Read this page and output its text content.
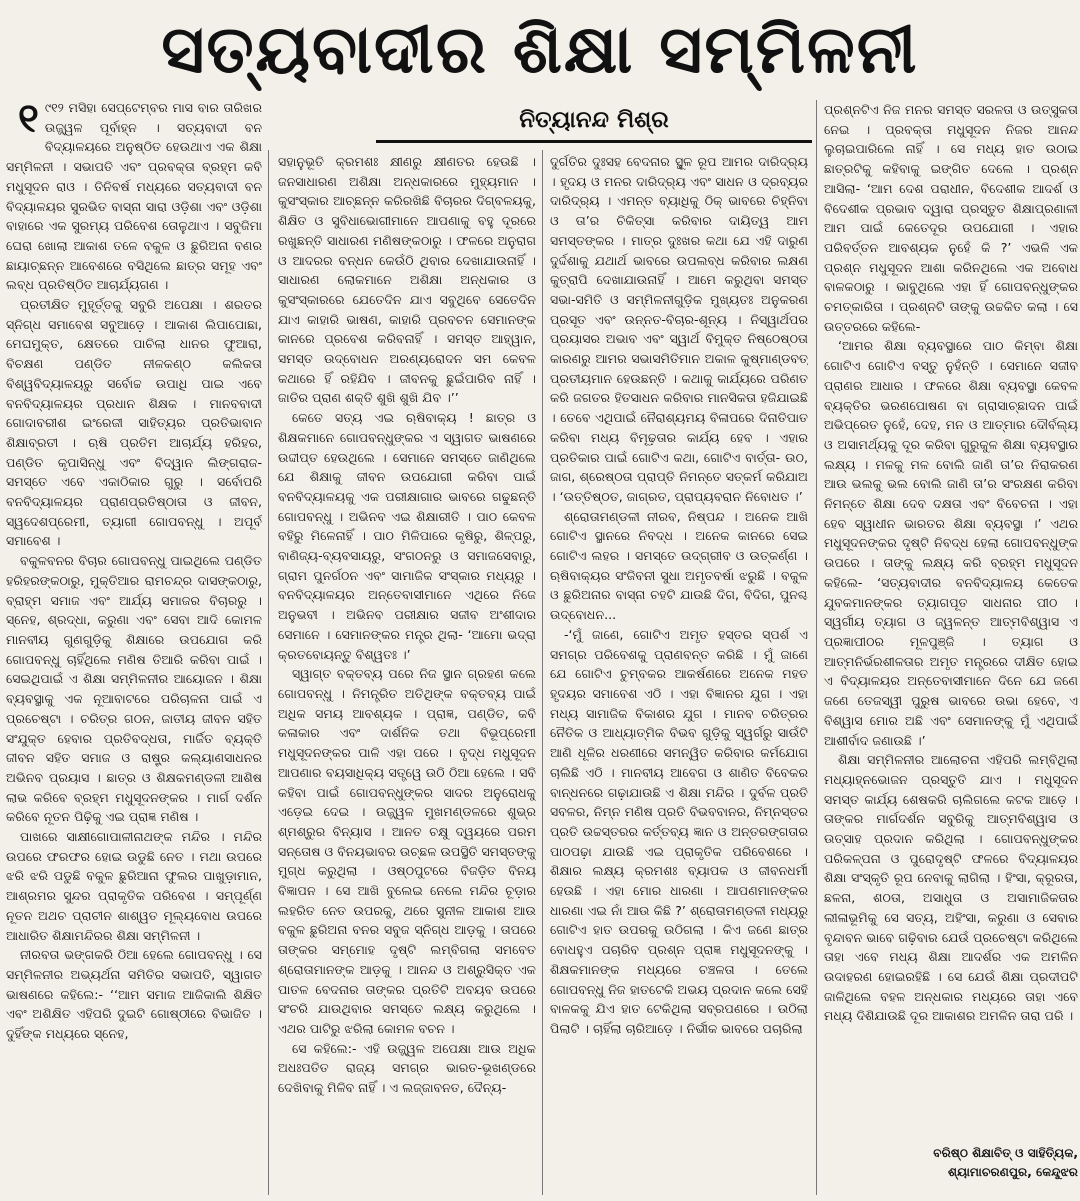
ସତ୍ୟବାଦୀର ଶିକ୍ଷା ସମ୍ମିଳନୀ
ନିତ୍ୟାନନ୍ଦ ମିଶ୍ର

୧ ୯୧୨ ମସିହା ସେପ୍ଟେମ୍ବର ମାସ ବାର ତାରିଖର ଉଜ୍ଜ୍ୱଳ ପୂର୍ବାହ୍ନ । ସତ୍ୟବାଦୀ ବନ ବିଦ୍ୟାଳୟରେ ଅନୁଷ୍ଠିତ ହେଉଥାଏ ଏକ ଶିକ୍ଷା ସମ୍ମିଳନୀ । ସଭାପତି ଏବଂ ପ୍ରବକ୍ତା ବ୍ରହ୍ମ କବି ମଧୁସୂଦନ ରାଓ । ତିନିବର୍ଷ ମଧ୍ୟରେ ସତ୍ୟବାଦୀ ବନ ବିଦ୍ୟାଳୟର ସୁରଭିତ ବାସ୍ନା ସାରା ଓଡ଼ିଶା ଏବଂ ଓଡ଼ିଶା ବାହାରେ ଏକ ସୁରମ୍ୟ ପରିବେଶ ତୋଳୁଥାଏ । ସବୁଜିମା ଘେରା ଖୋଲା ଆକାଶ ତଳେ ବକୁଳ ଓ ଛୁରିଅନା ବଣର ଛାୟାଚ୍ଛନ୍ନ ଆବେଶରେ ବସିଥିଲେ ଛାତ୍ର ସମୂହ ଏବଂ ଲବ୍ଧ ପ୍ରତିଷ୍ଠିତ ଆଚାର୍ଯ୍ୟଗଣ ।

ପ୍ରତୀକ୍ଷିତ ମୁହୂର୍ତ୍ତକୁ ସବୁରି ଅପେକ୍ଷା । ଶରତର ସ୍ନିଗ୍ଧ ସମାବେଶ ସବୁଆଡ଼େ । ଆକାଶ ଲିପାପୋଛା, ମେଘମୁକ୍ତ, କ୍ଷେତରେ ପାଚିଲା ଧାନର ଫୁଆରା, ବିଚକ୍ଷଣ ପଣ୍ଡିତ ନୀଳକଣ୍ଠ କଲିକତା ବିଶ୍ୱବିଦ୍ୟାଳୟରୁ ସର୍ବୋଚ୍ଚ ଉପାଧି ପାଇ ଏବେ ବନବିଦ୍ୟାଳୟର ପ୍ରଧାନ ଶିକ୍ଷକ । ମାନବବାଦୀ ଗୋଦାବରୀଶ ଇଂରେଜୀ ସାହିତ୍ୟର ପ୍ରତିଭାବାନ ଶିକ୍ଷାବ୍ରତୀ । ଋଷି ପ୍ରତିମ ଆଚାର୍ଯ୍ୟ ହରିହର, ପଣ୍ଡିତ କୃପାସିନ୍ଧୁ ଏବଂ ବିଦ୍ୱାନ ଲିଙ୍ଗରାଜ- ସମସ୍ତେ ଏବେ ଏକାଠିକାର ଗୁରୁ । ସର୍ବୋପରି ବନବିଦ୍ୟାଳୟର ପ୍ରାଣପ୍ରତିଷ୍ଠାତା ଓ ଜୀବନ, ସ୍ୱଦେଶପ୍ରେମୀ, ତ୍ୟାଗୀ ଗୋପବନ୍ଧୁ । ଅପୂର୍ବ ସମାବେଶ ।

ବକୁଳବନର ବିଚାର ଗୋପବନ୍ଧୁ ପାଇଥିଲେ ପଣ୍ଡିତ ହରିହରଙ୍କଠାରୁ, ମୁକ୍ତିଆର ରାମଚନ୍ଦ୍ର ଦାସଙ୍କଠାରୁ, ବ୍ରାହ୍ମ ସମାଜ ଏବଂ ଆର୍ଯ୍ୟ ସମାଜର ବିଚାରରୁ । ସ୍ନେହ, ଶ୍ରଦ୍ଧା, କରୁଣା ଏବଂ ସେବା ଆଦି କୋମଳ ମାନବୀୟ ଗୁଣଗୁଡ଼ିକୁ ଶିକ୍ଷାରେ ଉପଯୋଗ କରି ଗୋପବନ୍ଧୁ ଚାହିଁଥିଲେ ମଣିଷ ତିଆରି କରିବା ପାଇଁ । ସେଇଥିପାଇଁ ଏ ଶିକ୍ଷା ସମ୍ମିଳନୀର ଆୟୋଜନ । ଶିକ୍ଷା ବ୍ୟବସ୍ଥାକୁ ଏକ ନୂଆବାଟରେ ପରିଚାଳନା ପାଇଁ ଏ ପ୍ରଚେଷ୍ଟା । ଚରିତ୍ର ଗଠନ, ଜାତୀୟ ଜୀବନ ସହିତ ସଂଯୁକ୍ତ ହେବାର ପ୍ରତିବଦ୍ଧତା, ମାର୍ଜିତ ବ୍ୟକ୍ତି ଜୀବନ ସହିତ ସମାଜ ଓ ରାଷ୍ଟ୍ର କଲ୍ୟାଣସାଧନର ଅଭିନବ ପ୍ରୟାସ । ଛାତ୍ର ଓ ଶିକ୍ଷକମଣ୍ଡଳୀ ଆଶିଷ ଲାଭ କରିବେ ବ୍ରହ୍ମ ମଧୁସୂଦନଙ୍କର । ମାର୍ଗ ଦର୍ଶନ କରିବେ ନୂତନ ପିଢ଼ିକୁ ଏଇ ପ୍ରାଜ୍ଞ ମଣିଷ ।

ପାଖରେ ସାକ୍ଷୀଗୋପାଳୀନାଥଙ୍କ ମନ୍ଦିର । ମନ୍ଦିର ଉପରେ ଫରଫର ହୋଇ ଉଡୁଛି ନେତ । ମଥା ଉପରେ ଝରି ଝରି ପଡୁଛି ବକୁଳ ଛୁରିଆନା ଫୁଲର ପାଖୁଡ଼ାମାନ, ଆଶ୍ରମର ସୁନ୍ଦର ପ୍ରାକୃତିକ ପରିବେଶ । ସମ୍ପୂର୍ଣ୍ଣ ନୂତନ ଅଥଚ ପ୍ରାଚୀନ ଶାଶ୍ୱତ ମୂଲ୍ୟବୋଧ ଉପରେ ଆଧାରିତ ଶିକ୍ଷାମନ୍ଦିରର ଶିକ୍ଷା ସମ୍ମିଳନୀ ।

ନୀରବତା ଭଙ୍ଗକରି ଠିଆ ହେଲେ ଗୋପବନ୍ଧୁ । ସେ ସମ୍ମିଳନୀର ଅଭ୍ୟର୍ଥନା ସମିତିର ସଭାପତି, ସ୍ୱାଗତ ଭାଷଣରେ କହିଲେ:- ‘‘ଆମ ସମାଜ ଆଜିକାଲି ଶିକ୍ଷିତ ଏବଂ ଅଶିକ୍ଷିତ ଏହିପରି ଦୁଇଟି ଗୋଷ୍ଠୀରେ ବିଭାଜିତ । ଦୁହିଁଙ୍କ ମଧ୍ୟରେ ସ୍ନେହ,

ସହାନୁଭୂତି କ୍ରମଶଃ କ୍ଷୀଣରୁ କ୍ଷୀଣତର ହେଉଛି । ଜନସାଧାରଣ ଅଶିକ୍ଷା ଅନ୍ଧକାରରେ ମୁହ୍ୟମାନ । କୁସଂସ୍କାର ଆଚ୍ଛନ୍ନ କରିରଖିଛି ବିଚାରର ଦିଗ୍‌ବଳୟକୁ, ଶିକ୍ଷିତ ଓ ସୁବିଧାଭୋଗୀମାନେ ଆପଣାକୁ ବହୁ ଦୂରରେ ରଖୁଛନ୍ତି ସାଧାରଣ ମଣିଷଙ୍କଠାରୁ । ଫଳରେ ଅନୁରାଗ ଓ ଆଦରର ବନ୍ଧନ କେଉଁଠି ଥିବାର ଦେଖାଯାଉନାହିଁ । ସାଧାରଣ ଲୋକମାନେ ଅଶିକ୍ଷା ଅନ୍ଧକାର ଓ କୁସଂସ୍କାରରେ ଯେତେଦିନ ଯାଏ ସବୁଥିବେ ସେତେଦିନ ଯାଏ କାହାରି ଭାଷଣ, କାହାରି ପ୍ରବଚନ ସେମାନଙ୍କ କାନରେ ପ୍ରବେଶ କରିବନାହିଁ । ସମସ୍ତ ଆହ୍ୱାନ, ସମସ୍ତ ଉଦ୍‌ବୋଧନ ଅରଣ୍ୟରୋଦନ ସମ କେବଳ କଥାରେ ହିଁ ରହିଯିବ । ଜୀବନକୁ ଛୁଇଁପାରିବ ନାହିଁ । ଜାତିର ପ୍ରାଣ ଶକ୍ତି ଶୁଖି ଶୁଖି ଯିବ ।’’

କେତେ ସତ୍ୟ ଏଇ ଋଷିବାକ୍ୟ ! ଛାତ୍ର ଓ ଶିକ୍ଷକମାନେ ଗୋପବନ୍ଧୁଙ୍କର ଏ ସ୍ୱାଗତ ଭାଷଣରେ ଉଦ୍ଦୀପ୍ତ ହେଉଥିଲେ । ସେମାନେ ସମସ୍ତେ ଜାଣିଥିଲେ ଯେ ଶିକ୍ଷାକୁ ଜୀବନ ଉପଯୋଗୀ କରିବା ପାଇଁ ବନବିଦ୍ୟାଳୟକୁ ଏକ ପରୀକ୍ଷାଗାର ଭାବରେ ଗଢୁଛନ୍ତି ଗୋପବନ୍ଧୁ । ଅଭିନବ ଏଇ ଶିକ୍ଷାରୀତି । ପାଠ କେବଳ ବହିରୁ ମିଳେନାହିଁ । ପାଠ ମିଳିପାରେ କୃଷିରୁ, ଶିଳ୍ପରୁ, ବାଣିଜ୍ୟ-ବ୍ୟବସାୟରୁ, ସଂଗଠନରୁ ଓ ସମାଜସେବାରୁ, ଗ୍ରାମ ପୁନର୍ଗଠନ ଏବଂ ସାମାଜିକ ସଂସ୍କାର ମଧ୍ୟରୁ । ବନବିଦ୍ୟାଳୟର ଅନ୍ତେବାସୀମାନେ ଏଥିରେ ନିଜେ ଅନୁଭବୀ । ଅଭିନବ ପରୀକ୍ଷାର ସଜୀବ ଅଂଶୀଦାର ସେମାନେ । ସେମାନଙ୍କର ମନ୍ତ୍ର ଥିଲା- ‘ଆମୋ ଭଦ୍ରା କ୍ରତବୋୟନ୍ତୁ ବିଶ୍ୱତଃ ।’

ସ୍ୱାଗ୍ତ ବକ୍ତବ୍ୟ ପରେ ନିଜ ସ୍ଥାନ ଗ୍ରହଣ କଲେ ଗୋପବନ୍ଧୁ । ନିମନ୍ତ୍ରିତ ଅତିଥିଙ୍କ ବକ୍ତବ୍ୟ ପାଇଁ ଅଧିକ ସମୟ ଆବଶ୍ୟକ । ପ୍ରାଜ୍ଞ, ପଣ୍ଡିତ, କବି କଳାକାର ଏବଂ ଦାର୍ଶନିକ ତଥା ବିଭୂପ୍ରେମୀ ମଧୁସୂଦନଙ୍କର ପାଳି ଏହା ପରେ । ବୃଦ୍ଧ ମଧୁସୂଦନ ଆପଣାର ବୟସାଧିକ୍ୟ ସତ୍ତ୍ୱେ ଉଠି ଠିଆ ହେଲେ । ସବି କହିବା ପାଇଁ ଗୋପବନ୍ଧୁଙ୍କର ସାଦର ଅନୁରୋଧକୁ ଏଡ଼େଇ ଦେଇ । ଉଜ୍ଜ୍ୱଳ ମୁଖମଣ୍ଡଳରେ ଶୁଭ୍ର ଶ୍ମଶ୍ରୁର ବିନ୍ୟାସ । ଆନତ ଚକ୍ଷୁ ଦ୍ୱୟରେ ପରମ ସନ୍ତୋଷ ଓ ବିନୟଭାବର ଉଚ୍ଛଳ ଉପସ୍ଥିତି ସମସ୍ତଙ୍କୁ ମୁଗ୍ଧ କରୁଥିଲା । ଓଷ୍ଠପୁଟରେ ବିଜଡ଼ିତ ବିନୟ ବିଜ୍ଞାପନ । ସେ ଆଖି ବୁଲେଇ ନେଲେ ମନ୍ଦିର ଚୂଡ଼ାର ଲହରିତ ନେତ ଉପରକୁ, ଥରେ ସୁନୀଳ ଆକାଶ ଆଉ ବକୁଳ ଛୁରିଅନା ବନର ସବୁଜ ସ୍ନିଗ୍ଧ ଆଡ଼କୁ । ତାପରେ ତାଙ୍କର ସମ୍ମୋହ ଦୃଷ୍ଟି ଲମ୍ବିଗଲା ସମବେତ ଶ୍ରୋତାମାନଙ୍କ ଆଡ଼କୁ । ଆନନ୍ଦ ଓ ଅଶ୍ରୁସିକ୍ତ ଏକ ପାତଳ ବେଦନାର ତାଙ୍କର ପ୍ରତିଟି ଅବୟବ ଉପରେ ସଂଚରି ଯାଉଥିବାର ସମସ୍ତେ ଲକ୍ଷ୍ୟ କରୁଥିଲେ । ଏଥର ପାଟିରୁ ଝରିଲା କୋମଳ ବଚନ ।

ସେ କହିଲେ:- ଏହି ଉଜ୍ଜ୍ୱଳ ଅପେକ୍ଷା ଆଉ ଅଧିକ ଅଧଃପତିତ ରାଜ୍ୟ ସମଗ୍ର ଭାରତ-ଭୂଖଣ୍ଡରେ ଦେଖିବାକୁ ମିଳିବ ନାହିଁ । ଏ ଲଜ୍ଜାବନତ, ଦୈନ୍ୟ-

ଦୁର୍ଗତିର ଦୁଃସହ ବେଦନାର ସ୍ଥୂଳ ରୂପ ଆମର ଦାରିଦ୍ର୍ୟ । ହୃଦୟ ଓ ମନର ଦାରିଦ୍ର୍ୟ ଏବଂ ସାଧନ ଓ ଦ୍ରବ୍ୟର ଦାରିଦ୍ର୍ୟ । ଏମନ୍ତ ବ୍ୟାଧିକୁ ଠିକ୍ ଭାବରେ ଚିହ୍ନିବା ଓ ତା’ର ଚିକିତ୍ସା କରିବାର ଦାୟିତ୍ୱ ଆମ ସମସ୍ତଙ୍କର । ମାତ୍ର ଦୁଃଖର କଥା ଯେ ଏହି ଦାରୁଣ ଦୁର୍ଦ୍ଦଶାକୁ ଯଥାର୍ଥ ଭାବରେ ଉପଲବ୍ଧ କରିବାର ଲକ୍ଷଣ କୁତ୍ରାପି ଦେଖାଯାଉନାହିଁ । ଆମେ କରୁଥିବା ସମସ୍ତ ସଭା-ସମିତି ଓ ସମ୍ମିଳନୀଗୁଡ଼ିକ ମୁଖ୍ୟତଃ ଅନୁକରଣ ପ୍ରସୂତ ଏବଂ ଉନ୍ନତ-ବିଚାର-ଶୂନ୍ୟ । ନିସ୍ୱାର୍ଥପର ପ୍ରୟାସର ଅଭାବ ଏବଂ ସ୍ୱାର୍ଥ ବିମୁକ୍ତ ନିଷ୍ଠେଷ୍ଠତା କାରଣରୁ ଆମର ସଭାସମିତିମାନ ଅକାଳ କୁଷ୍ମାଣ୍ଡବତ୍ ପ୍ରତୀୟମାନ ହେଉଛନ୍ତି । କଥାକୁ କାର୍ଯ୍ୟରେ ପରିଣତ କରି ଜଗତର ହିତସାଧନ କରିବାର ମାନସିକତା ହଜିଯାଇଛି । ତେବେ ଏଥିପାଇଁ ନୈରାଶ୍ୟମୟ ବିଳାପରେ ଦିନାତିପାତ କରିବା ମଧ୍ୟ ବିମୂଢ଼ତାର କାର୍ଯ୍ୟ ହେବ । ଏହାର ପ୍ରତିକାର ପାଇଁ ଗୋଟିଏ କଥା, ଗୋଟିଏ ବାର୍ତ୍ତା- ଉଠ, ଜାଗ, ଶ୍ରେଷ୍ଠତା ପ୍ରାପ୍ତି ନିମନ୍ତେ ସତ୍‌କର୍ମ କରିଯାଅ । ‘ଉତ୍ତିଷ୍ଠତ, ଜାଗ୍ରତ, ପ୍ରାପ୍ୟବରାନ ନିବୋଧତ ।’

ଶ୍ରୋତାମଣ୍ଡଳୀ ନୀରବ, ନିଷ୍ପନ୍ଦ । ଅନେକ ଆଖି ଗୋଟିଏ ସ୍ଥାନରେ ନିବଦ୍ଧ । ଅନେକ କାନରେ ସେଇ ଗୋଟିଏ ଲହର । ସମସ୍ତେ ଉଦ୍‌ଗ୍ରୀବ ଓ ଉତ୍କର୍ଣ୍ଣ । ଋଷିବାକ୍ୟର ସଂଜିବନୀ ସୁଧା ଅମୃତବର୍ଷା ଝରୁଛି । ବକୁଳ ଓ ଛୁରିଅନାର ବାସ୍ନା ଚହଟି ଯାଉଛି ଦିଗ, ବିଦିଗ, ପୁନଶ୍ଚ ଉଦ୍‌ବୋଧନ...

-‘ମୁଁ ଜାଣେ, ଗୋଟିଏ ଅମୃତ ହସ୍ତର ସ୍ପର୍ଶ ଏ ସମଗ୍ର ପରିବେଶକୁ ପ୍ରାଣବନ୍ତ କରିଛି । ମୁଁ ଜାଣେ ଯେ ଗୋଟିଏ ଚୁମ୍ବକର ଆକର୍ଷଣରେ ଅନେକ ମହତ ହୃଦୟର ସମାବେଶ ଏଠି । ଏହା ବିଜ୍ଞାନର ଯୁଗ । ଏହା ମଧ୍ୟ ସାମାଜିକ ବିକାଶର ଯୁଗ । ମାନବ ଚରିତ୍ରର ନୈତିକ ଓ ଆଧ୍ୟାତ୍ମିକ ବିଭବ ଗୁଡ଼ିକୁ ସ୍ୱର୍ଗରୁ ସାଉଁଟି ଆଣି ଧୂଳିର ଧରଣୀରେ ସମନ୍ୱିତ କରିବାର କର୍ମଯୋଗ ଚାଲିଛି ଏଠି । ମାନବୀୟ ଆବେଗ ଓ ଶାଣିତ ବିବେକର ବାନ୍ଧନରେ ଗଢ଼ାଯାଉଛି ଏ ଶିକ୍ଷା ମନ୍ଦିର । ଦୁର୍ବଳ ପ୍ରତି ସବଳର, ନିମ୍ନ ମଣିଷ ପ୍ରତି ବିଭବବାନର, ନିମ୍ନସ୍ତର ପ୍ରତି ଉଚ୍ଚସ୍ତରର କର୍ତ୍ତବ୍ୟ ଜ୍ଞାନ ଓ ଅନ୍ତରଙ୍ଗତାର ପାଠପଢ଼ା ଯାଉଛି ଏଇ ପ୍ରାକୃତିକ ପରିବେଶରେ । ଶିକ୍ଷାର ଲକ୍ଷ୍ୟ କ୍ରମଶଃ ବ୍ୟାପକ ଓ ଜୀବନଧର୍ମୀ ହେଉଛି । ଏହା ମୋର ଧାରଣା । ଆପଣମାନଙ୍କର ଧାରଣା ଏଇ ନାଁ ଆଉ କିଛି ?’ ଶ୍ରୋତାମଣ୍ଡଳୀ ମଧ୍ୟରୁ ଗୋଟିଏ ହାତ ଉପରକୁ ଉଠିଗଲା । କିଏ ଜଣେ ଛାତ୍ର ବୋଧହୁଏ ପଚାରିବ ପ୍ରଶ୍ନ ପ୍ରାଜ୍ଞ ମଧୁସୂଦନଙ୍କୁ । ଶିକ୍ଷକମାନଙ୍କ ମଧ୍ୟରେ ଚଞ୍ଚଳତା । ତେଲେ ଗୋପବନ୍ଧୁ ନିଜ ହାତଟେକି ଅଭୟ ପ୍ରଦାନ କଲେ ସେହି ବାଳକକୁ ଯିଏ ହାତ ଟେକିଥିଲା ସବ୍ରପଣରେ । ଉଠିଲା ପିଲାଟି । ଚାହିଁଲା ଚାରିଆଡ଼େ । ନିର୍ଭୀକ ଭାବରେ ପଚାରିଲା

ପ୍ରଶ୍ନଟିଏ ନିଜ ମନର ସମସ୍ତ ସରଳତା ଓ ଉତ୍ସୁକତା ନେଇ । ପ୍ରବକ୍ତା ମଧୁସୂଦନ ନିଜର ଆନନ୍ଦ ଲୁଚାଇପାରିଲେ ନାହିଁ । ସେ ମଧ୍ୟ ହାତ ଉଠାଇ ଛାତ୍ରଟିକୁ କହିବାକୁ ଇଙ୍ଗିତ ଦେଲେ । ପ୍ରଶ୍ନ ଆସିଲା- ‘ଆମ ଦେଶ ପରାଧୀନ, ବିଦେଶୀକ ଆଦର୍ଶ ଓ ବିଦେଶୀକ ପ୍ରଭାବ ଦ୍ୱାରା ପ୍ରସ୍ତୁତ ଶିକ୍ଷାପ୍ରଣାଳୀ ଆମ ପାଇଁ କେତେଦୂର ଉପଯୋଗୀ । ଏହାର ପରିବର୍ତ୍ତନ ଆବଶ୍ୟକ ନୁହେଁ କି ?’ ଏଭଳି ଏକ ପ୍ରଶ୍ନ ମଧୁସୂଦନ ଆଶା କରିନଥିଲେ ଏକ ଅବୋଧ ବାଳକଠାରୁ । ଭାବୁଥିଲେ ଏହା ହିଁ ଗୋପବନ୍ଧୁଙ୍କର ଚମତ୍କାରିତା । ପ୍ରଶ୍ନଟି ତାଙ୍କୁ ଉଚ୍ଚକିତ କଲା । ସେ ଉତ୍ତରରେ କହିଲେ-

‘ଆମର ଶିକ୍ଷା ବ୍ୟବସ୍ଥାରେ ପାଠ କିମ୍ବା ଶିକ୍ଷା ଗୋଟିଏ ଗୋଟିଏ ବସ୍ତୁ ନୁହଁନ୍ତି । ସେମାନେ ସଜୀବ ପ୍ରାଣର ଆଧାର । ଫଳରେ ଶିକ୍ଷା ବ୍ୟବସ୍ଥା କେବଳ ବ୍ୟକ୍ତିର ଭରଣପୋଷଣ ବା ଗ୍ରାସାଚ୍ଛାଦନ ପାଇଁ ଅଭିପ୍ରେତ ନୁହେଁ, ଦେହ, ମନ ଓ ଆତ୍ମାର ଦୌର୍ବଲ୍ୟ ଓ ଅସାମର୍ଥ୍ୟକୁ ଦୂର କରିବା ଗୁରୁକୁଳ ଶିକ୍ଷା ବ୍ୟବସ୍ଥାର ଲକ୍ଷ୍ୟ । ମଳକୁ ମଳ ବୋଲି ଜାଣି ତା’ର ନିରାକରଣ ଆଉ ଭଲକୁ ଭଲ ବୋଲି ଜାଣି ତା’ର ସଂରକ୍ଷଣ କରିବା ନିମନ୍ତେ ଶିକ୍ଷା ଦେବ ଦକ୍ଷତା ଏବଂ ବିବେଚନା । ଏହା ହେବ ସ୍ୱାଧୀନ ଭାରତର ଶିକ୍ଷା ବ୍ୟବସ୍ଥା ।’ ଏଥର ମଧୁସୂଦନଙ୍କର ଦୃଷ୍ଟି ନିବଦ୍ଧ ହେଲା ଗୋପବନ୍ଧୁଙ୍କ ଉପରେ । ତାଙ୍କୁ ଲକ୍ଷ୍ୟ କରି ବ୍ରହ୍ମ ମଧୁସୂଦନ କହିଲେ- ‘ସତ୍ୟବାଦୀର ବନବିଦ୍ୟାଳୟ କେତେକ ଯୁବକମାନଙ୍କର ତ୍ୟାଗପୂତ ସାଧନାର ପୀଠ । ସ୍ୱର୍ଗୀୟ ତ୍ୟାଗ ଓ ଜ୍ୱଳନ୍ତ ଆତ୍ମବିଶ୍ୱାସ ଏ ପ୍ରଜ୍ଞାପୀଠର ମୂଳପୁଞ୍ଜି । ତ୍ୟାଗ ଓ ଆତ୍ମନିର୍ଭରଶୀଳତାର ଅମୃତ ମନ୍ତ୍ରରେ ଦୀକ୍ଷିତ ହୋଇ ଏ ବିଦ୍ୟାଳୟର ଅନ୍ତେବାସୀମାନେ ଦିନେ ଯେ ଜଣେ ଜଣେ ତେଜସ୍ୱୀ ପୁରୁଷ ଭାବରେ ଉଭା ହେବେ, ଏ ବିଶ୍ୱାସ ମୋର ଅଛି ଏବଂ ସେମାନଙ୍କୁ ମୁଁ ଏଥିପାଇଁ ଆଶୀର୍ବାଦ ଜଣାଉଛି ।’

ଶିକ୍ଷା ସମ୍ମିଳନୀର ଆଲୋଚନା ଏହିପରି ଲମ୍ବିଥିଲା ମଧ୍ୟାହ୍ନଭୋଜନ ପ୍ରସ୍ତୁତି ଯାଏ । ମଧୁସୂଦନ ସମସ୍ତ କାର୍ଯ୍ୟ ଶେଷକରି ଚାଲିଗଲେ କଟକ ଆଡ଼େ । ତାଙ୍କର ମାର୍ଗଦର୍ଶନ ସବୁରିକୁ ଆତ୍ମବିଶ୍ୱାସ ଓ ଉତ୍ସାହ ପ୍ରଦାନ କରିଥିଲା । ଗୋପବନ୍ଧୁଙ୍କର ପରିକଳ୍ପନା ଓ ପୁରୋଦୃଷ୍ଟି ଫଳରେ ବିଦ୍ୟାଳୟର ଶିକ୍ଷା ସଂସ୍କୃତି ରୂପ ନେବାକୁ ଲାଗିଲା । ହିଂସା, କ୍ରୂରତା, ଛଳନା, ଶଠତା, ଅସାଧୁତା ଓ ଅସାମାଜିକତାର ଲୀଳାଭୂମିକୁ ସେ ସତ୍ୟ, ଅହିଂସା, କରୁଣା ଓ ସେବାର ବୃନ୍ଦାବନ ଭାବେ ଗଢ଼ିବାର ଯେଉଁ ପ୍ରଚେଷ୍ଟା କରିଥିଲେ ତାହା ଏବେ ମଧ୍ୟ ଶିକ୍ଷା ଆଦର୍ଶର ଏକ ଅମଳିନ ଉଦାହରଣ ହୋଇରହିଛି । ସେ ଯେଉଁ ଶିକ୍ଷା ପ୍ରଦୀପଟି ଜାଳିଥିଲେ ବହଳ ଅନ୍ଧକାର ମଧ୍ୟରେ ତାହା ଏବେ ମଧ୍ୟ ଦିଶିଯାଉଛି ଦୂର ଆକାଶର ଅମଳିନ ତାରା ପରି ।

ବରିଷ୍ଠ ଶିକ୍ଷାବିତ୍ ଓ ସାହିତ୍ୟିକ,
ଶ୍ୟାମାଚରଣପୁର, କେନ୍ଦୁଝର
